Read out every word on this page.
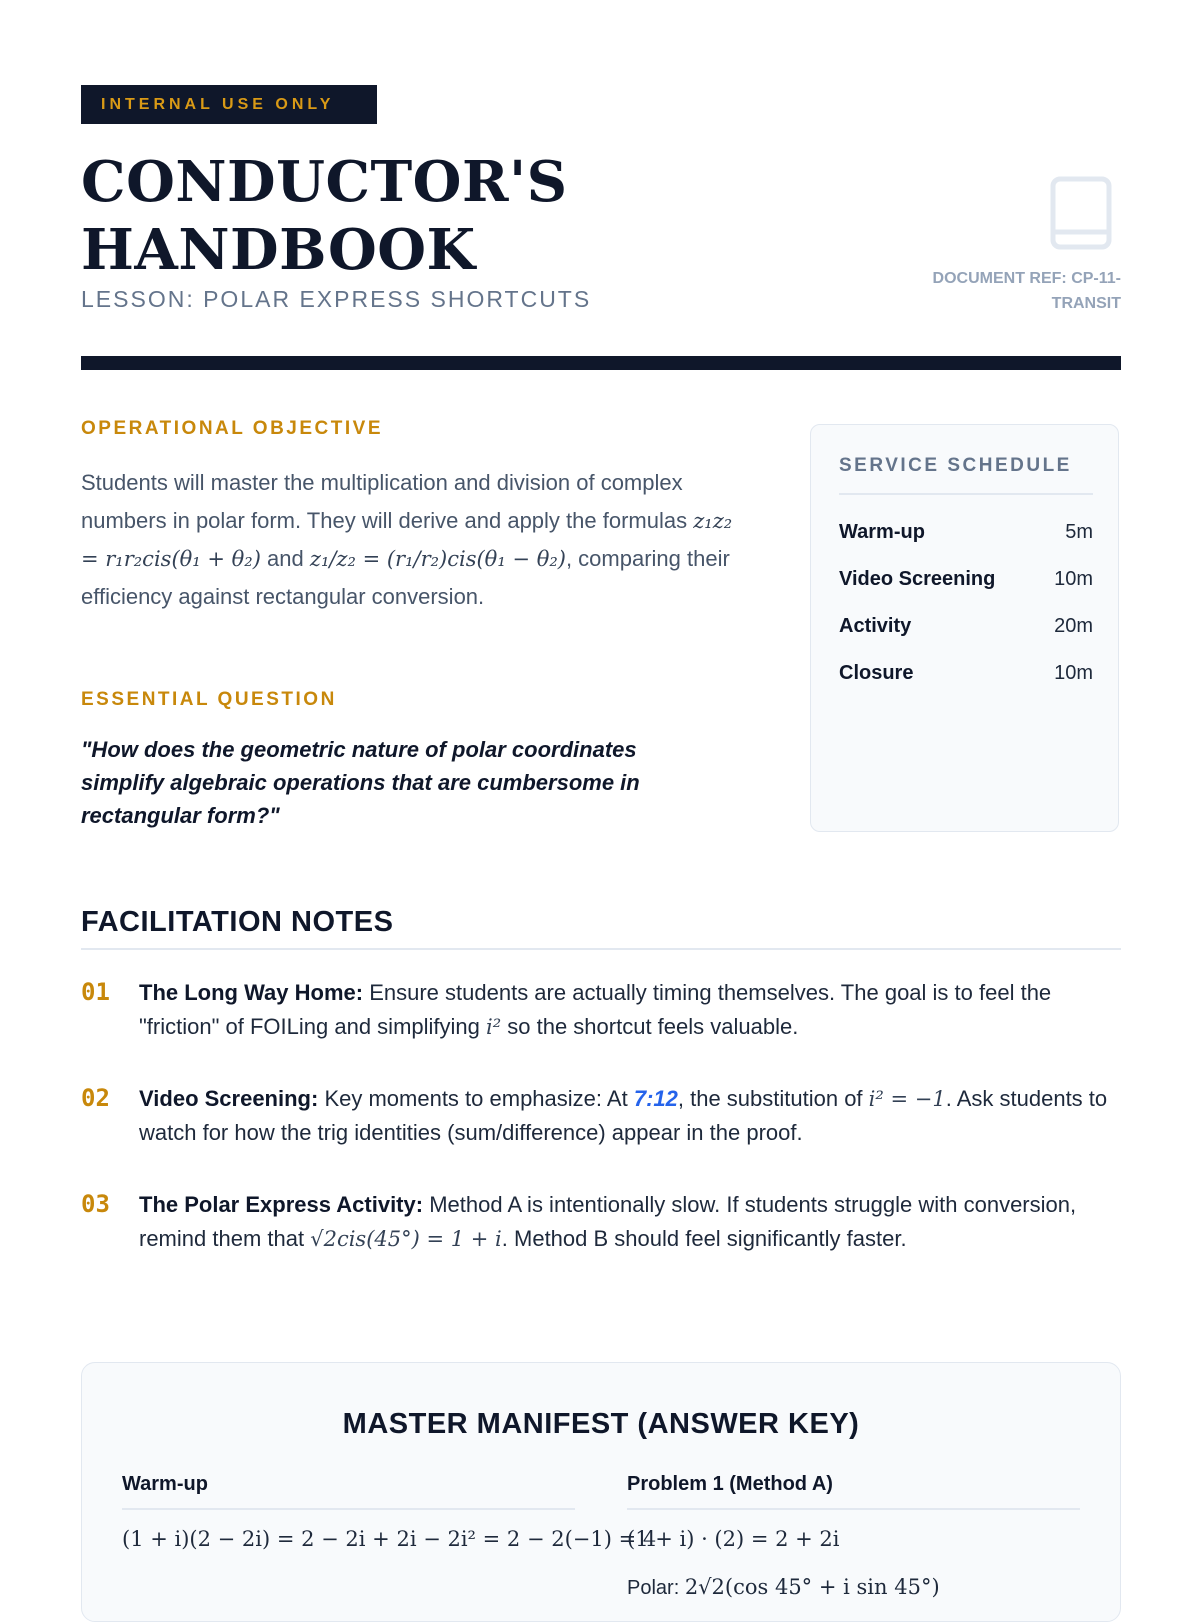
INTERNAL USE ONLY
CONDUCTOR'S
HANDBOOK
LESSON: POLAR EXPRESS SHORTCUTS
DOCUMENT REF: CP-11-TRANSIT
OPERATIONAL OBJECTIVE
Students will master the multiplication and division of complex numbers in polar form. They will derive and apply the formulas z₁z₂ = r₁r₂cis(θ₁ + θ₂) and z₁/z₂ = (r₁/r₂)cis(θ₁ − θ₂), comparing their efficiency against rectangular conversion.
ESSENTIAL QUESTION
"How does the geometric nature of polar coordinates simplify algebraic operations that are cumbersome in rectangular form?"
SERVICE SCHEDULE
Warm-up	5m
Video Screening	10m
Activity	20m
Closure	10m
FACILITATION NOTES
01 The Long Way Home: Ensure students are actually timing themselves. The goal is to feel the "friction" of FOILing and simplifying i² so the shortcut feels valuable.
02 Video Screening: Key moments to emphasize: At 7:12, the substitution of i² = −1. Ask students to watch for how the trig identities (sum/difference) appear in the proof.
03 The Polar Express Activity: Method A is intentionally slow. If students struggle with conversion, remind them that √2cis(45°) = 1 + i. Method B should feel significantly faster.
MASTER MANIFEST (ANSWER KEY)
Warm-up
(1 + i)(2 − 2i) = 2 − 2i + 2i − 2i² = 2 − 2(−1) = 4
Problem 1 (Method A)
(1 + i) · (2) = 2 + 2i
Polar: 2√2(cos 45° + i sin 45°)
